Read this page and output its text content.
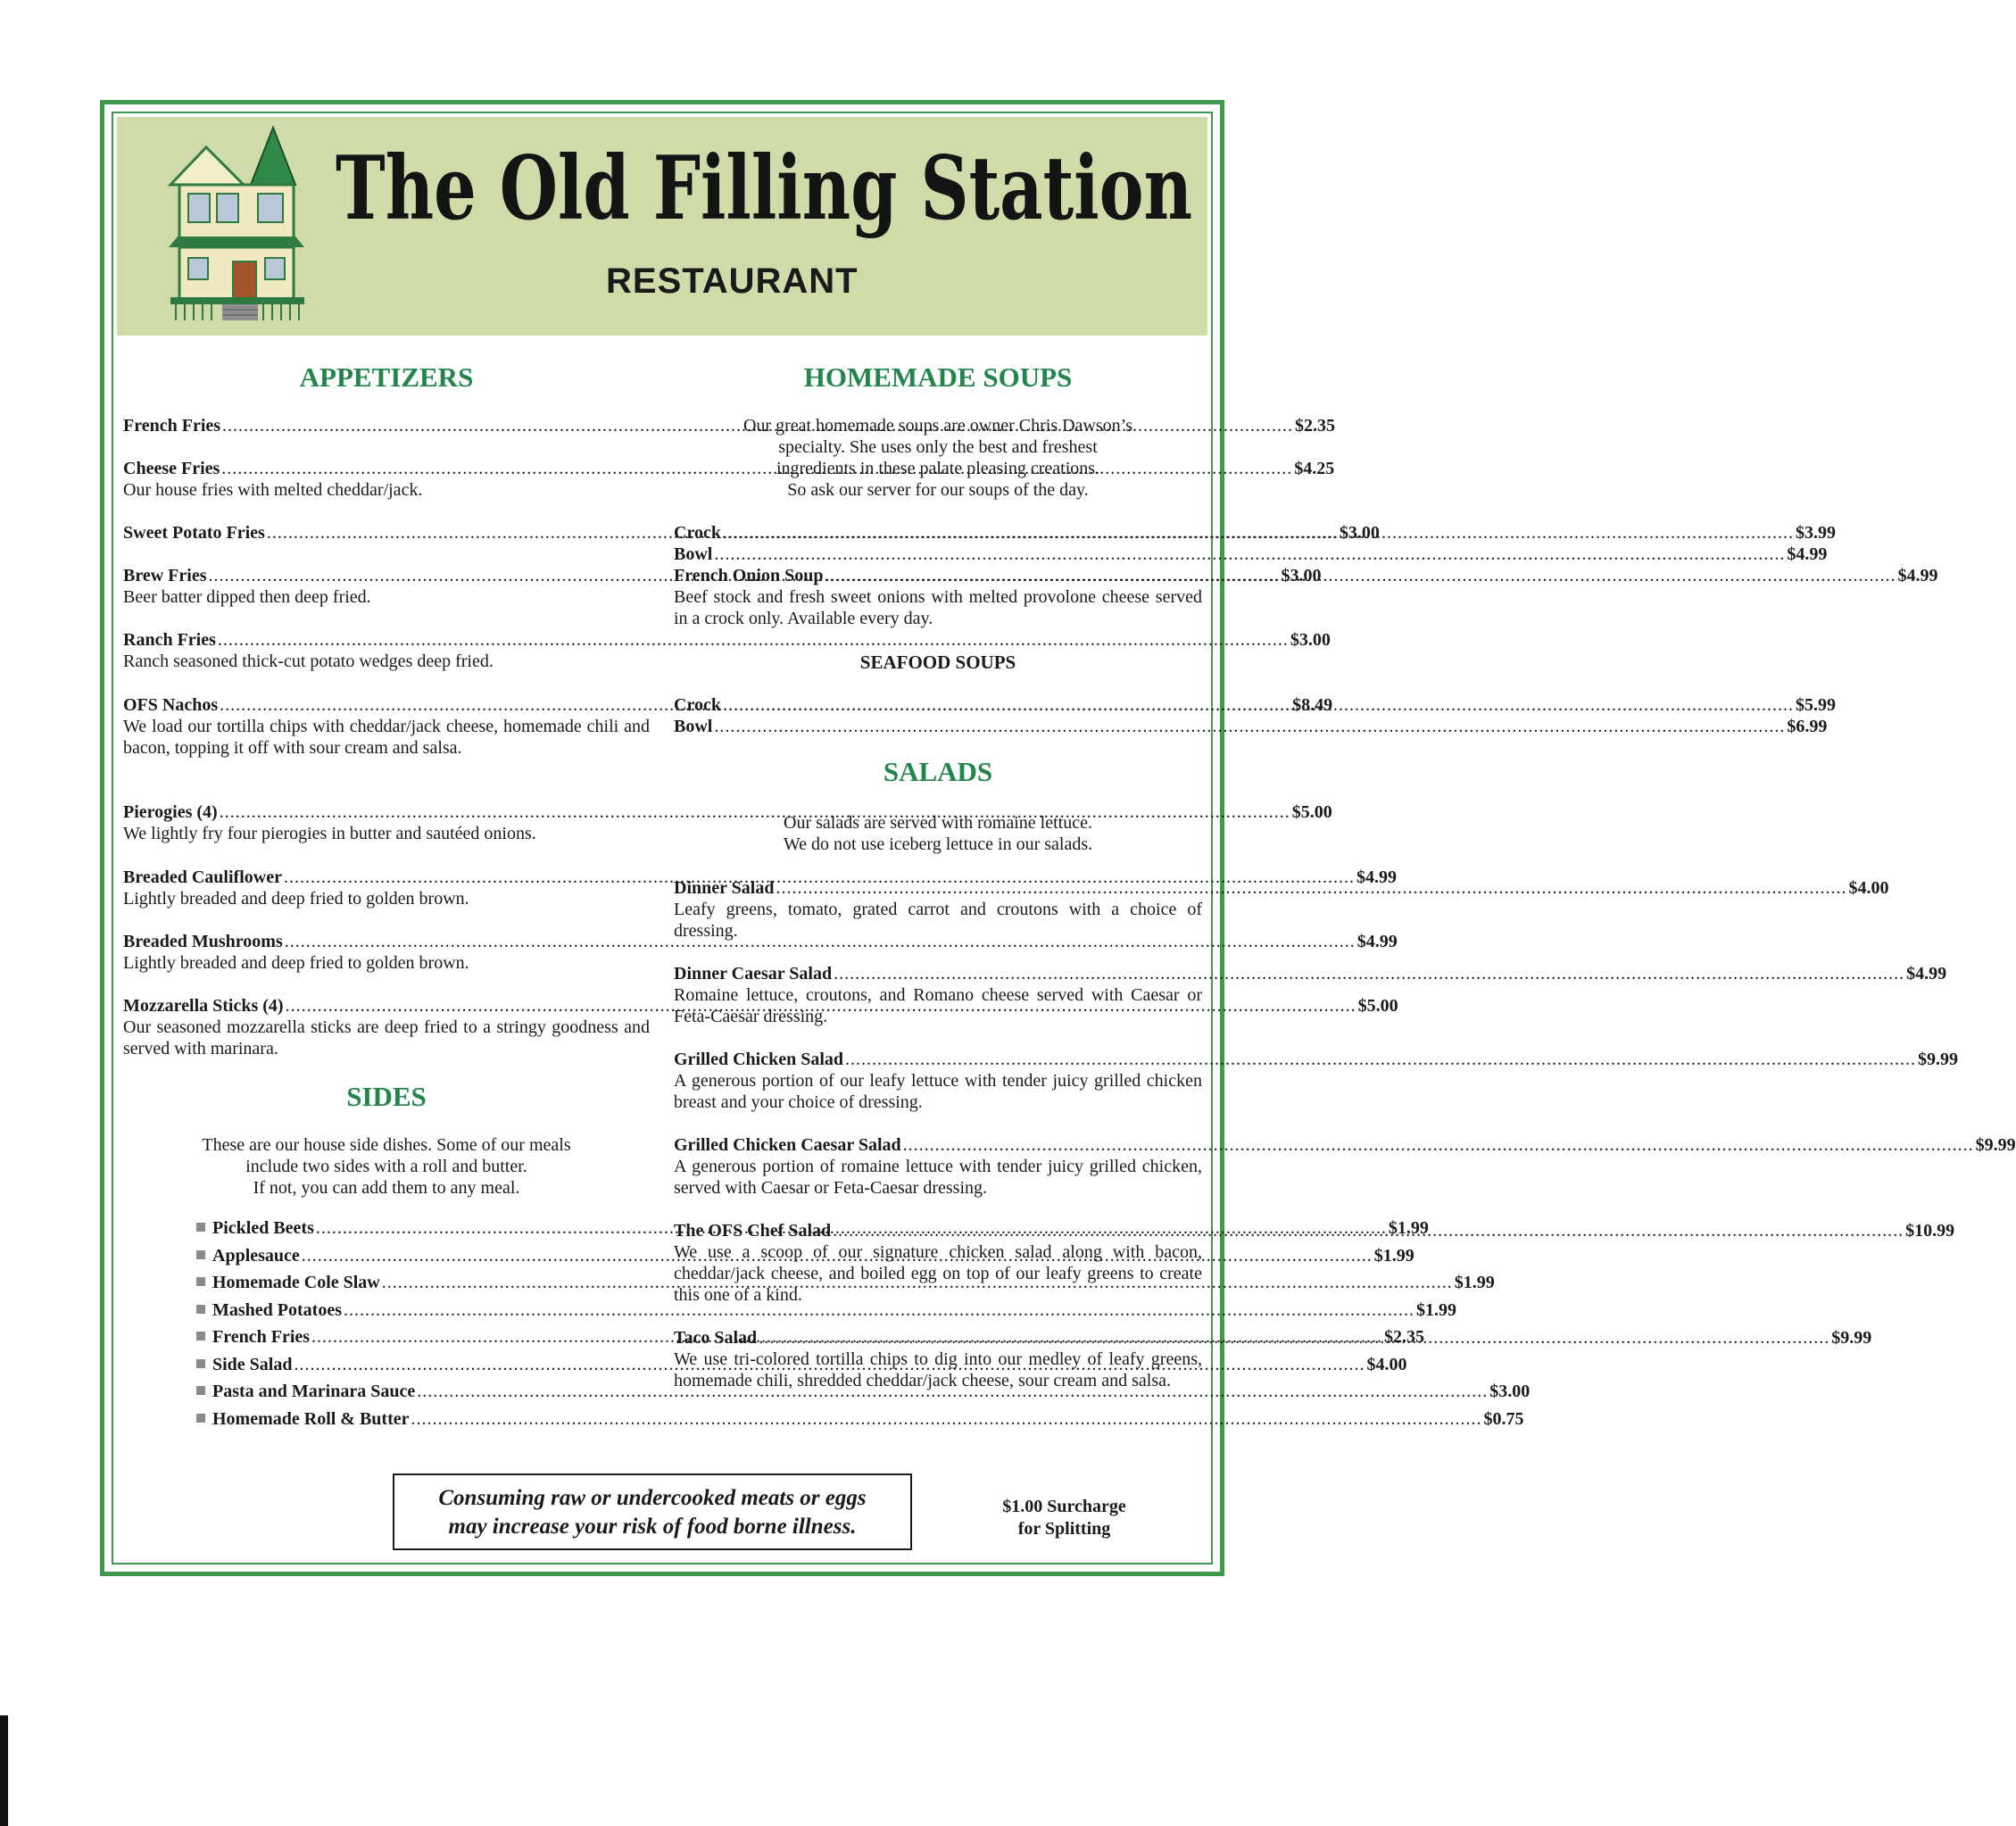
The Old Filling Station
RESTAURANT
APPETIZERS
French Fries .....	$2.35
Cheese Fries .....	$4.25
Our house fries with melted cheddar/jack.
Sweet Potato Fries .....	$3.00
Brew Fries .....	$3.00
Beer batter dipped then deep fried.
Ranch Fries .....	$3.00
Ranch seasoned thick-cut potato wedges deep fried.
OFS Nachos .....	$8.49
We load our tortilla chips with cheddar/jack cheese, homemade chili and bacon, topping it off with sour cream and salsa.
Pierogies (4) .....	$5.00
We lightly fry four pierogies in butter and sautéed onions.
Breaded Cauliflower .....	$4.99
Lightly breaded and deep fried to golden brown.
Breaded Mushrooms .....	$4.99
Lightly breaded and deep fried to golden brown.
Mozzarella Sticks (4) .....	$5.00
Our seasoned mozzarella sticks are deep fried to a stringy goodness and served with marinara.
SIDES
These are our house side dishes. Some of our meals
include two sides with a roll and butter.
If not, you can add them to any meal.
Pickled Beets .....	$1.99
Applesauce .....	$1.99
Homemade Cole Slaw .....	$1.99
Mashed Potatoes .....	$1.99
French Fries .....	$2.35
Side Salad .....	$4.00
Pasta and Marinara Sauce .....	$3.00
Homemade Roll & Butter .....	$0.75
HOMEMADE SOUPS
Our great homemade soups are owner Chris Dawson’s
specialty. She uses only the best and freshest
ingredients in these palate pleasing creations.
So ask our server for our soups of the day.
Crock .....	$3.99
Bowl .....	$4.99
French Onion Soup .....	$4.99
Beef stock and fresh sweet onions with melted provolone cheese served in a crock only. Available every day.
SEAFOOD SOUPS
Crock .....	$5.99
Bowl .....	$6.99
SALADS
Our salads are served with romaine lettuce.
We do not use iceberg lettuce in our salads.
Dinner Salad .....	$4.00
Leafy greens, tomato, grated carrot and croutons with a choice of dressing.
Dinner Caesar Salad .....	$4.99
Romaine lettuce, croutons, and Romano cheese served with Caesar or Feta-Caesar dressing.
Grilled Chicken Salad .....	$9.99
A generous portion of our leafy lettuce with tender juicy grilled chicken breast and your choice of dressing.
Grilled Chicken Caesar Salad .....	$9.99
A generous portion of romaine lettuce with tender juicy grilled chicken, served with Caesar or Feta-Caesar dressing.
The OFS Chef Salad .....	$10.99
We use a scoop of our signature chicken salad along with bacon, cheddar/jack cheese, and boiled egg on top of our leafy greens to create this one of a kind.
Taco Salad .....	$9.99
We use tri-colored tortilla chips to dig into our medley of leafy greens, homemade chili, shredded cheddar/jack cheese, sour cream and salsa.
Consuming raw or undercooked meats or eggs
may increase your risk of food borne illness.
$1.00 Surcharge
for Splitting
